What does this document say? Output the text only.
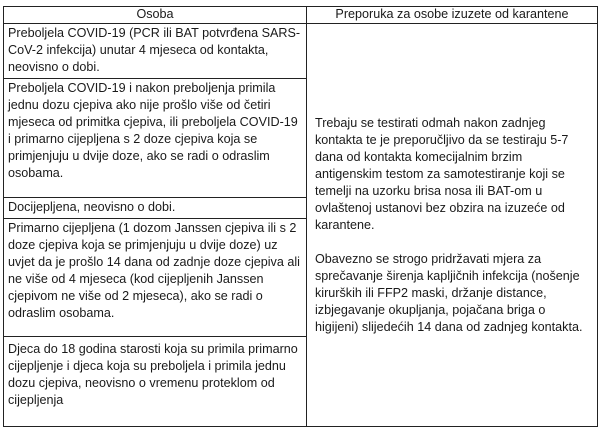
Osoba	Preporuka za osobe izuzete od karantene

Preboljela COVID-19 (PCR ili BAT potvrđena SARS-CoV-2 infekcija) unutar 4 mjeseca od kontakta, neovisno o dobi.	Trebaju se testirati odmah nakon zadnjeg kontakta te je preporučljivo da se testiraju 5-7 dana od kontakta komecijalnim brzim antigenskim testom za samotestiranje koji se temelji na uzorku brisa nosa ili BAT-om u ovlaštenoj ustanovi bez obzira na izuzeće od karantene.

Obavezno se strogo pridržavati mjera za sprečavanje širenja kapljičnih infekcija (nošenje kirurških ili FFP2 maski, držanje distance, izbjegavanje okupljanja, pojačana briga o higijeni) slijedećih 14 dana od zadnjeg kontakta.

Preboljela COVID-19 i nakon preboljenja primila jednu dozu cjepiva ako nije prošlo više od četiri mjeseca od primitka cjepiva, ili preboljela COVID-19 i primarno cijepljena s 2 doze cjepiva koja se primjenjuju u dvije doze, ako se radi o odraslim osobama.	

Docijepljena, neovisno o dobi.	

Primarno cijepljena (1 dozom Janssen cjepiva ili s 2 doze cjepiva koja se primjenjuju u dvije doze) uz uvjet da je prošlo 14 dana od zadnje doze cjepiva ali ne više od 4 mjeseca (kod cijepljenih Janssen cjepivom ne više od 2 mjeseca), ako se radi o odraslim osobama.	

Djeca do 18 godina starosti koja su primila primarno cijepljenje i djeca koja su preboljela i primila jednu dozu cjepiva, neovisno o vremenu proteklom od cijepljenja	
